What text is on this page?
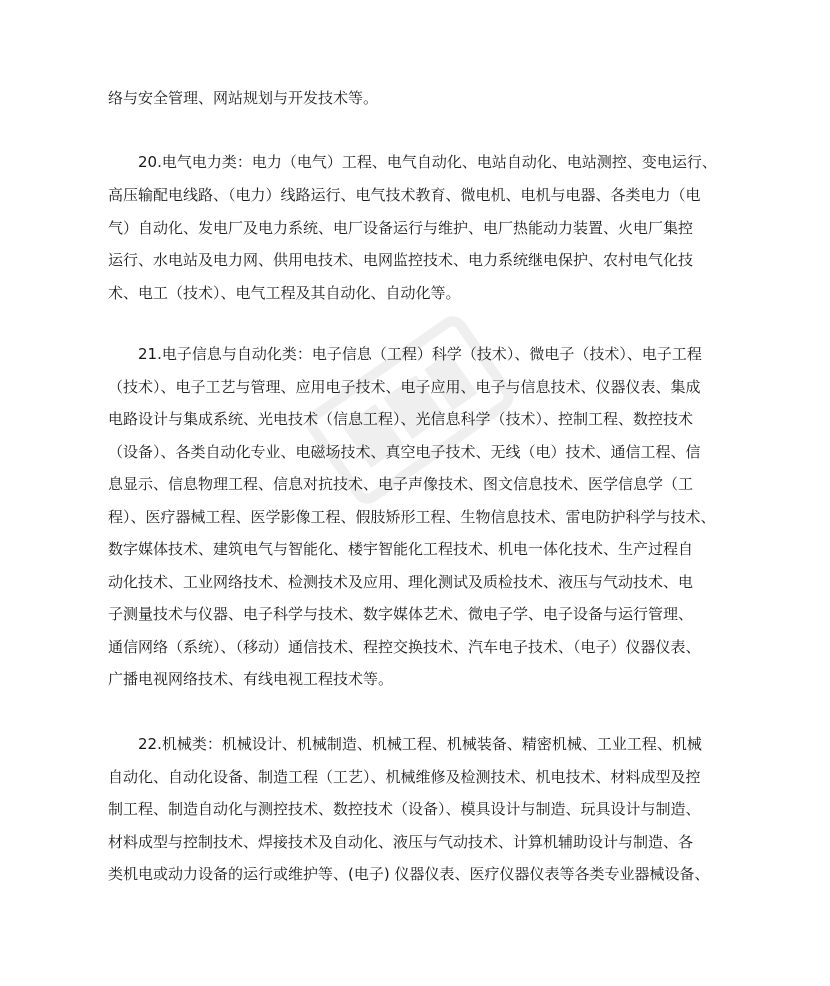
络与安全管理、网站规划与开发技术等。
20.电气电力类：电力（电气）工程、电气自动化、电站自动化、电站测控、变电运行、
高压输配电线路、（电力）线路运行、电气技术教育、微电机、电机与电器、各类电力（电
气）自动化、发电厂及电力系统、电厂设备运行与维护、电厂热能动力装置、火电厂集控
运行、水电站及电力网、供用电技术、电网监控技术、电力系统继电保护、农村电气化技
术、电工（技术）、电气工程及其自动化、自动化等。
21.电子信息与自动化类：电子信息（工程）科学（技术）、微电子（技术）、电子工程
（技术）、电子工艺与管理、应用电子技术、电子应用、电子与信息技术、仪器仪表、集成
电路设计与集成系统、光电技术（信息工程）、光信息科学（技术）、控制工程、数控技术
（设备）、各类自动化专业、电磁场技术、真空电子技术、无线（电）技术、通信工程、信
息显示、信息物理工程、信息对抗技术、电子声像技术、图文信息技术、医学信息学（工
程）、医疗器械工程、医学影像工程、假肢矫形工程、生物信息技术、雷电防护科学与技术、
数字媒体技术、建筑电气与智能化、楼宇智能化工程技术、机电一体化技术、生产过程自
动化技术、工业网络技术、检测技术及应用、理化测试及质检技术、液压与气动技术、电
子测量技术与仪器、电子科学与技术、数字媒体艺术、微电子学、电子设备与运行管理、
通信网络（系统）、（移动）通信技术、程控交换技术、汽车电子技术、（电子）仪器仪表、
广播电视网络技术、有线电视工程技术等。
22.机械类：机械设计、机械制造、机械工程、机械装备、精密机械、工业工程、机械
自动化、自动化设备、制造工程（工艺）、机械维修及检测技术、机电技术、材料成型及控
制工程、制造自动化与测控技术、数控技术（设备）、模具设计与制造、玩具设计与制造、
材料成型与控制技术、焊接技术及自动化、液压与气动技术、计算机辅助设计与制造、各
类机电或动力设备的运行或维护等、(电子) 仪器仪表、医疗仪器仪表等各类专业器械设备、
